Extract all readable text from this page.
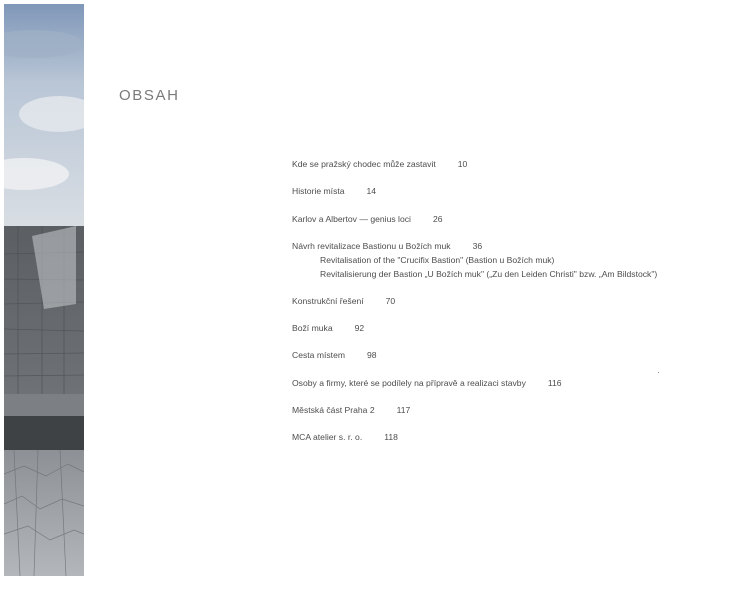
OBSAH
Kde se pražský chodec může zastavit	10
Historie místa	14
Karlov a Albertov — genius loci	26
Návrh revitalizace Bastionu u Božích muk	36
Revitalisation of the "Crucifix Bastion" (Bastion u Božích muk)
Revitalisierung der Bastion „U Božích muk" („Zu den Leiden Christi" bzw. „Am Bildstock")
Konstrukční řešení	70
Boží muka	92
Cesta místem	98
Osoby a firmy, které se podílely na přípravě a realizaci stavby	116
Městská část Praha 2	117
MCA atelier s. r. o.	118
